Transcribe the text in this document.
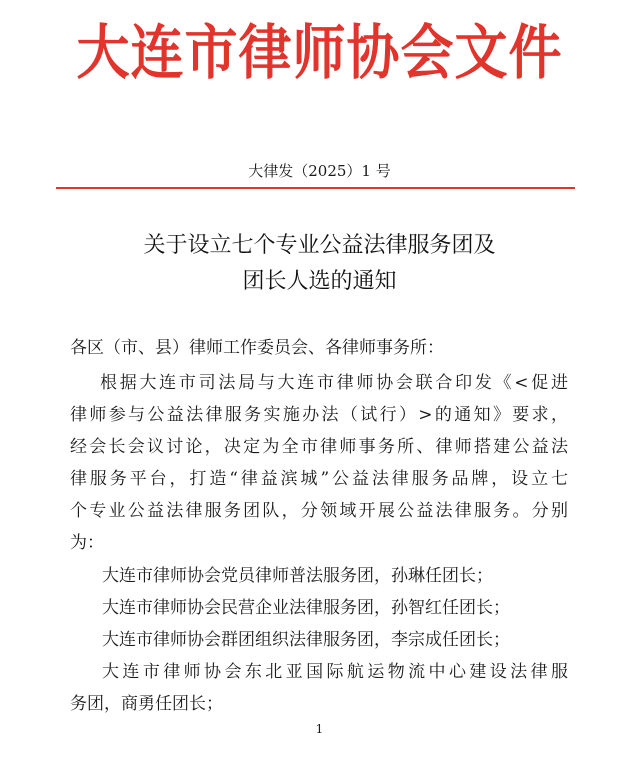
大连市律师协会文件
大律发（2025）1 号
关于设立七个专业公益法律服务团及
团长人选的通知
各区（市、县）律师工作委员会、各律师事务所：
根据大连市司法局与大连市律师协会联合印发《<促进
律师参与公益法律服务实施办法（试行）>的通知》要求，
经会长会议讨论，决定为全市律师事务所、律师搭建公益法
律服务平台，打造“律益滨城”公益法律服务品牌，设立七
个专业公益法律服务团队，分领域开展公益法律服务。分别
为：
大连市律师协会党员律师普法服务团，孙琳任团长；
大连市律师协会民营企业法律服务团，孙智红任团长；
大连市律师协会群团组织法律服务团，李宗成任团长；
大连市律师协会东北亚国际航运物流中心建设法律服
务团，商勇任团长；
1
